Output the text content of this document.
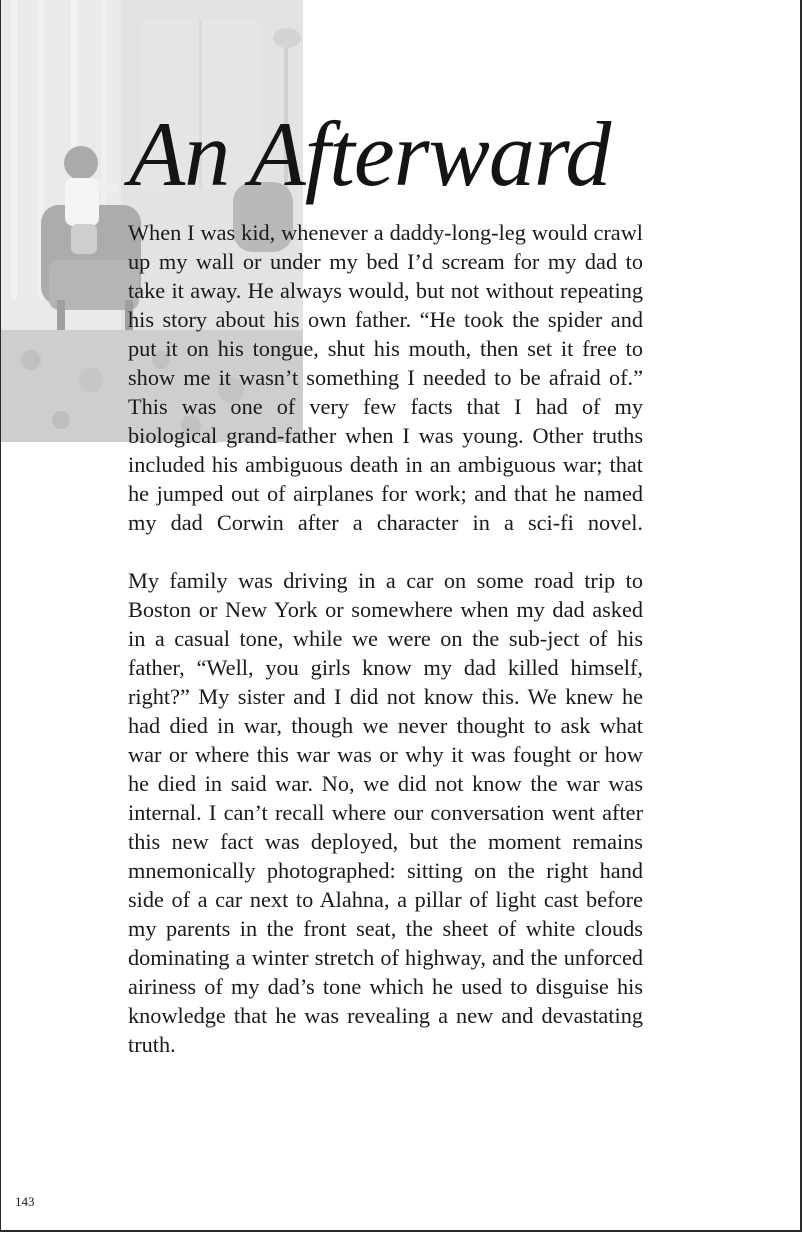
An Afterward

When I was kid, whenever a daddy-long-leg would crawl up my wall or under my bed I’d scream for my dad to take it away. He always would, but not without repeating his story about his own father. “He took the spider and put it on his tongue, shut his mouth, then set it free to show me it wasn’t something I needed to be afraid of.” This was one of very few facts that I had of my biological grand-father when I was young. Other truths included his ambiguous death in an ambiguous war; that he jumped out of airplanes for work; and that he named my dad Corwin after a character in a sci-fi novel.

My family was driving in a car on some road trip to Boston or New York or somewhere when my dad asked in a casual tone, while we were on the sub-ject of his father, “Well, you girls know my dad killed himself, right?” My sister and I did not know this. We knew he had died in war, though we never thought to ask what war or where this war was or why it was fought or how he died in said war. No, we did not know the war was internal. I can’t recall where our conversation went after this new fact was deployed, but the moment remains mnemonically photographed: sitting on the right hand side of a car next to Alahna, a pillar of light cast before my parents in the front seat, the sheet of white clouds dominating a winter stretch of highway, and the unforced airiness of my dad’s tone which he used to disguise his knowledge that he was revealing a new and devastating truth.

143
